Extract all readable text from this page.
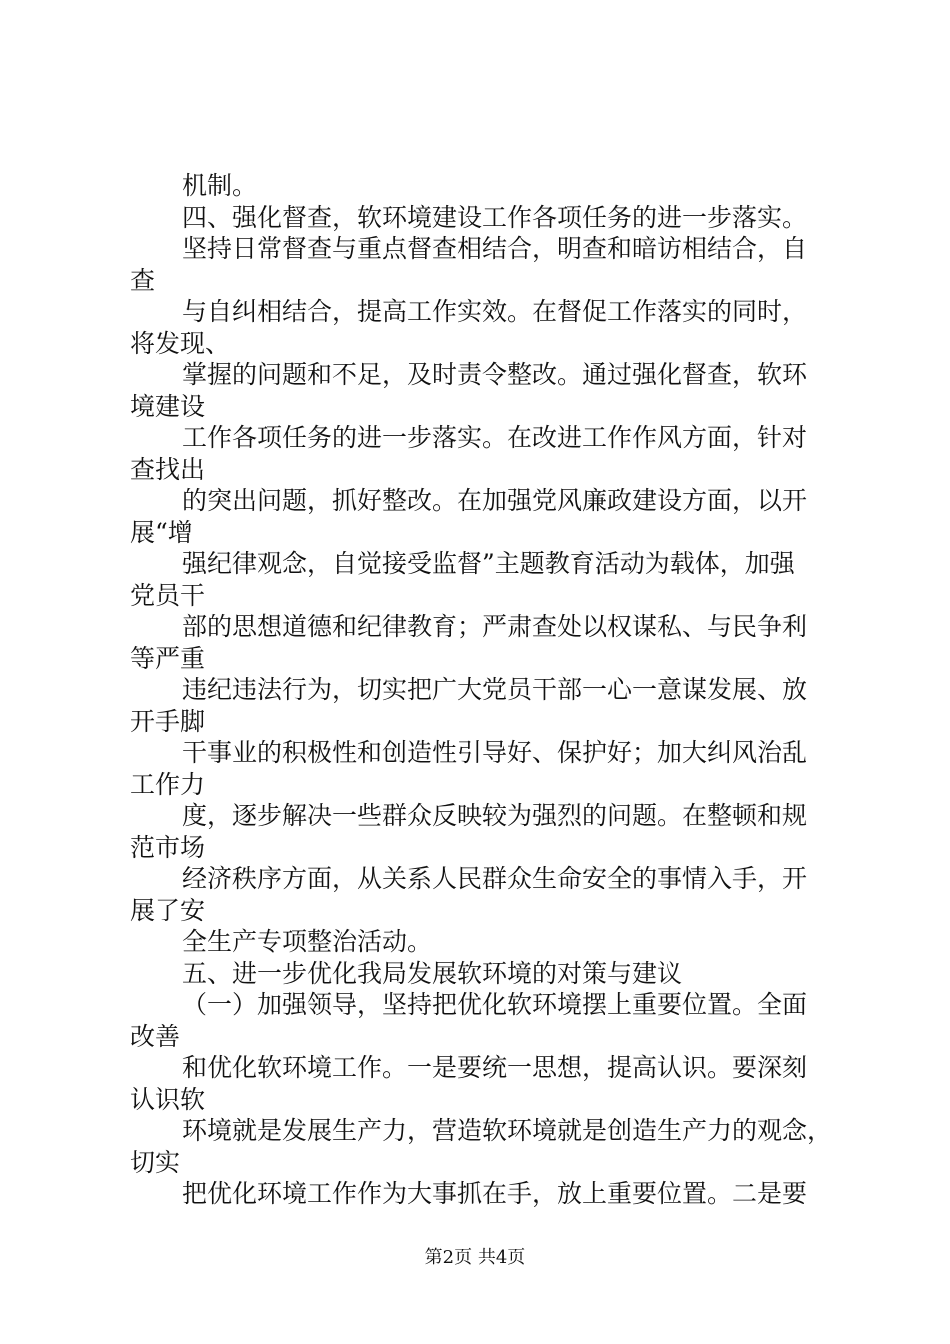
机制。
四、强化督查，软环境建设工作各项任务的进一步落实。
坚持日常督查与重点督查相结合，明查和暗访相结合，自
查
与自纠相结合，提高工作实效。在督促工作落实的同时，
将发现、
掌握的问题和不足，及时责令整改。通过强化督查，软环
境建设
工作各项任务的进一步落实。在改进工作作风方面，针对
查找出
的突出问题，抓好整改。在加强党风廉政建设方面，以开
展“增
强纪律观念，自觉接受监督”主题教育活动为载体，加强
党员干
部的思想道德和纪律教育；严肃查处以权谋私、与民争利
等严重
违纪违法行为，切实把广大党员干部一心一意谋发展、放
开手脚
干事业的积极性和创造性引导好、保护好；加大纠风治乱
工作力
度，逐步解决一些群众反映较为强烈的问题。在整顿和规
范市场
经济秩序方面，从关系人民群众生命安全的事情入手，开
展了安
全生产专项整治活动。
五、进一步优化我局发展软环境的对策与建议
（一）加强领导，坚持把优化软环境摆上重要位置。全面
改善
和优化软环境工作。一是要统一思想，提高认识。要深刻
认识软
环境就是发展生产力，营造软环境就是创造生产力的观念，
切实
把优化环境工作作为大事抓在手，放上重要位置。二是要
第2页 共4页
